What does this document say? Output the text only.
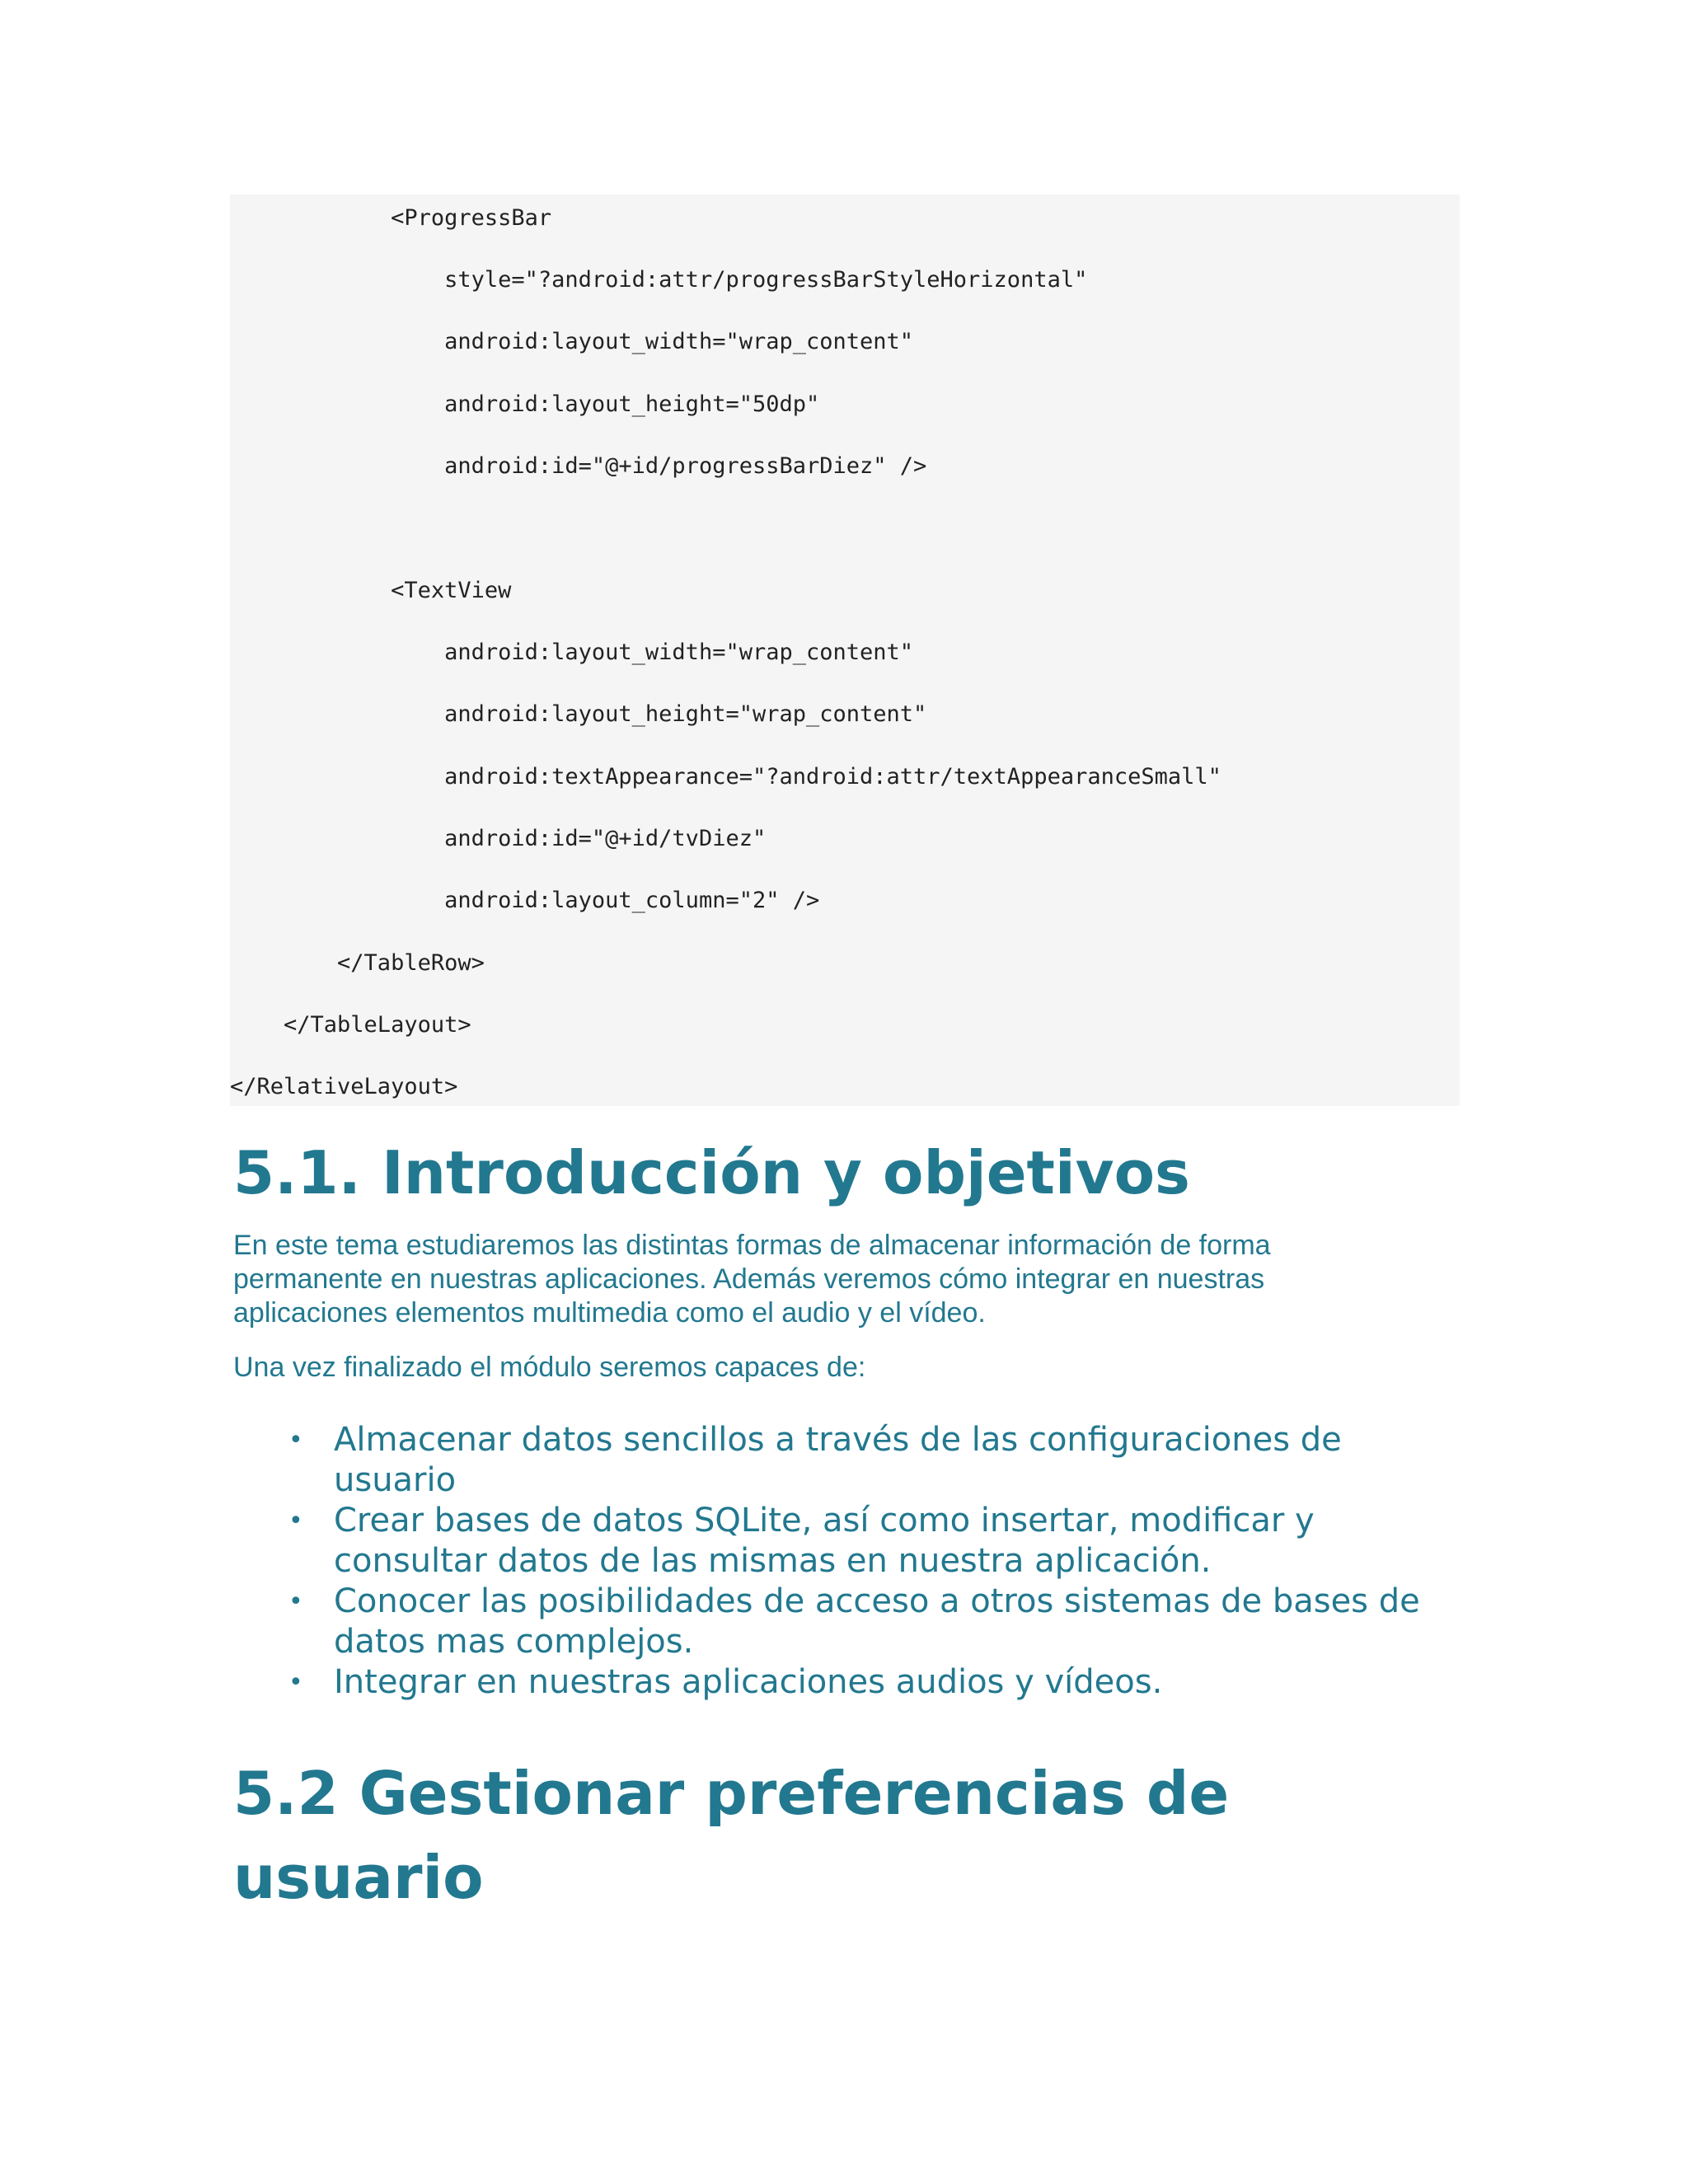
<ProgressBar
style="?android:attr/progressBarStyleHorizontal"
android:layout_width="wrap_content"
android:layout_height="50dp"
android:id="@+id/progressBarDiez" />
<TextView
android:layout_width="wrap_content"
android:layout_height="wrap_content"
android:textAppearance="?android:attr/textAppearanceSmall"
android:id="@+id/tvDiez"
android:layout_column="2" />
</TableRow>
</TableLayout>
</RelativeLayout>
5.1. Introducción y objetivos

En este tema estudiaremos las distintas formas de almacenar información de forma permanente en nuestras aplicaciones. Además veremos cómo integrar en nuestras aplicaciones elementos multimedia como el audio y el vídeo.

Una vez finalizado el módulo seremos capaces de:

• Almacenar datos sencillos a través de las configuraciones de usuario
• Crear bases de datos SQLite, así como insertar, modificar y consultar datos de las mismas en nuestra aplicación.
• Conocer las posibilidades de acceso a otros sistemas de bases de datos mas complejos.
• Integrar en nuestras aplicaciones audios y vídeos.
5.2 Gestionar preferencias de usuario
